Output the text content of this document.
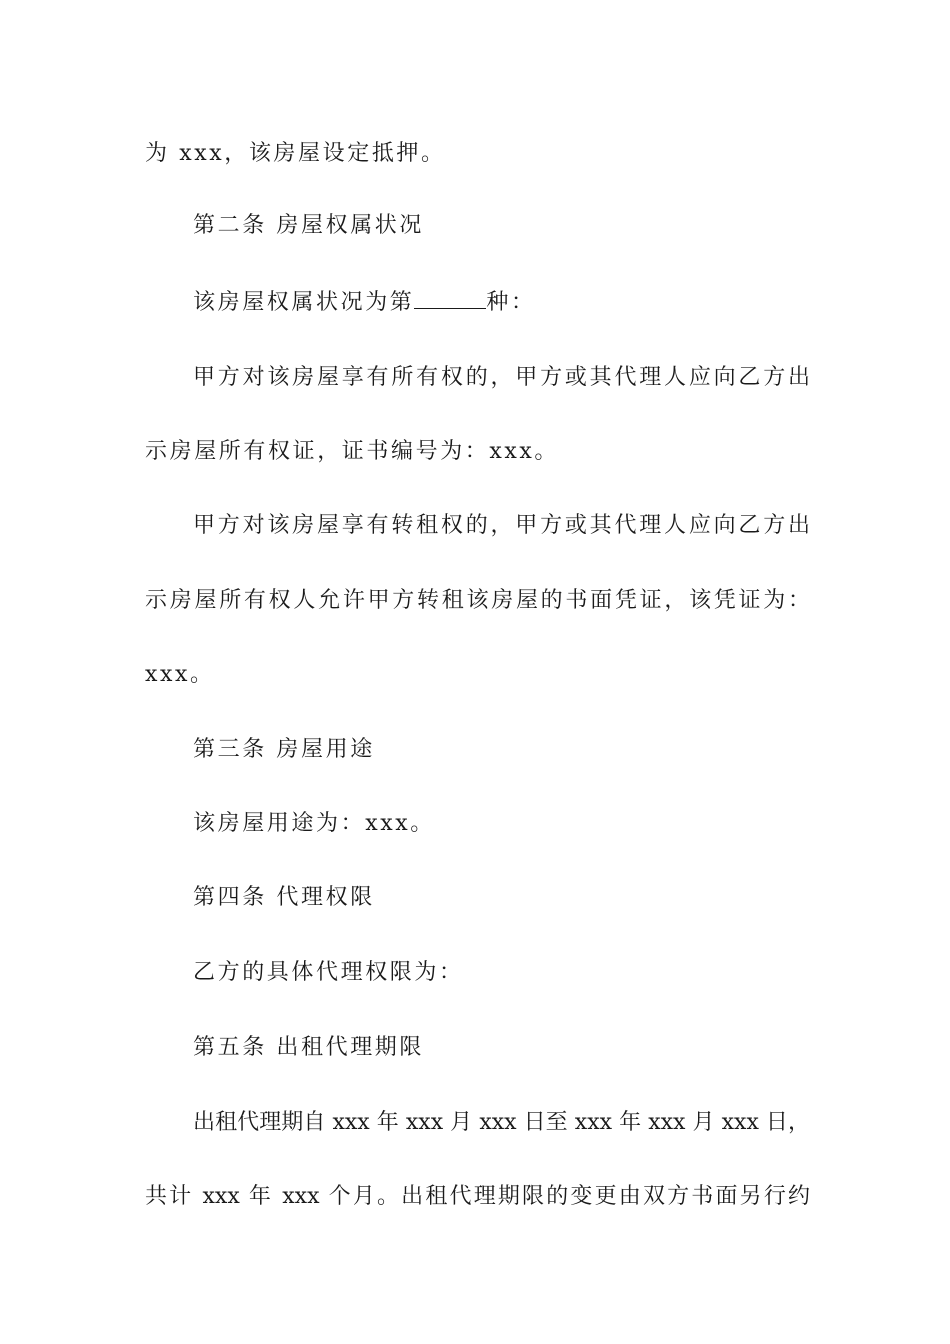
为 xxx，该房屋设定抵押。
第二条 房屋权属状况
该房屋权属状况为第	种：
甲方对该房屋享有所有权的，甲方或其代理人应向乙方出
示房屋所有权证，证书编号为：xxx。
甲方对该房屋享有转租权的，甲方或其代理人应向乙方出
示房屋所有权人允许甲方转租该房屋的书面凭证，该凭证为：
xxx。
第三条 房屋用途
该房屋用途为：xxx。
第四条 代理权限
乙方的具体代理权限为：
第五条 出租代理期限
出租代理期自 xxx 年 xxx 月 xxx 日至 xxx 年 xxx 月 xxx 日，
共计 xxx 年 xxx 个月。出租代理期限的变更由双方书面另行约
